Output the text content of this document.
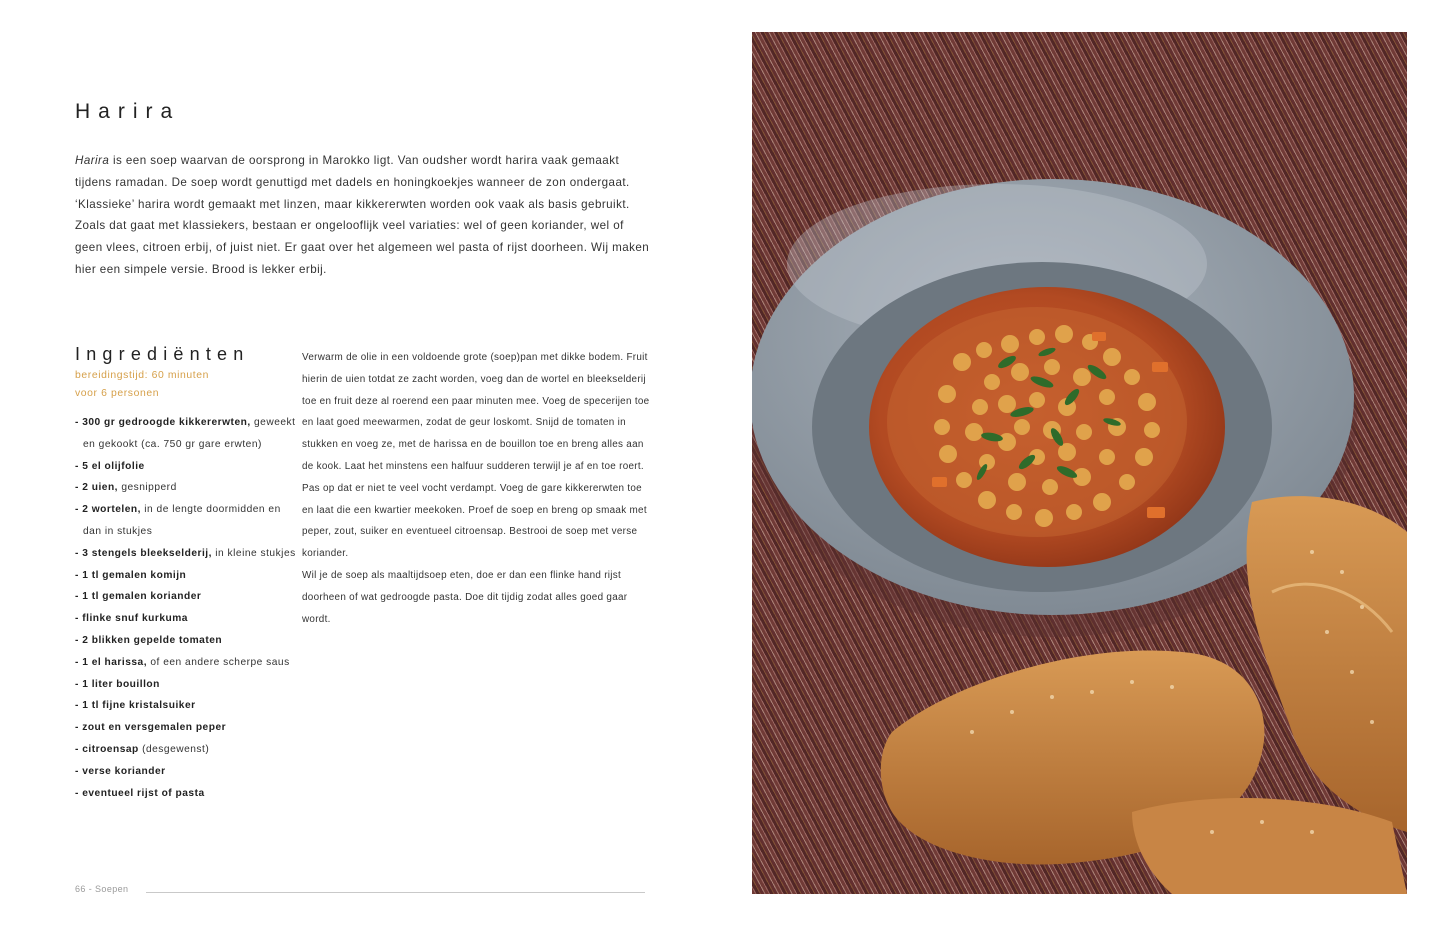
Harira

Harira is een soep waarvan de oorsprong in Marokko ligt. Van oudsher wordt harira vaak gemaakt tijdens ramadan. De soep wordt genuttigd met dadels en honingkoekjes wanneer de zon ondergaat. ‘Klassieke’ harira wordt gemaakt met linzen, maar kikkererwten worden ook vaak als basis gebruikt. Zoals dat gaat met klassiekers, bestaan er ongelooflijk veel variaties: wel of geen koriander, wel of geen vlees, citroen erbij, of juist niet. Er gaat over het algemeen wel pasta of rijst doorheen. Wij maken hier een simpele versie. Brood is lekker erbij.

Ingrediënten
bereidingstijd: 60 minuten
voor 6 personen
- 300 gr gedroogde kikkererwten, geweekt en gekookt (ca. 750 gr gare erwten)
- 5 el olijfolie
- 2 uien, gesnipperd
- 2 wortelen, in de lengte doormidden en dan in stukjes
- 3 stengels bleekselderij, in kleine stukjes
- 1 tl gemalen komijn
- 1 tl gemalen koriander
- flinke snuf kurkuma
- 2 blikken gepelde tomaten
- 1 el harissa, of een andere scherpe saus
- 1 liter bouillon
- 1 tl fijne kristalsuiker
- zout en versgemalen peper
- citroensap (desgewenst)
- verse koriander
- eventueel rijst of pasta

Verwarm de olie in een voldoende grote (soep)pan met dikke bodem. Fruit hierin de uien totdat ze zacht worden, voeg dan de wortel en bleekselderij toe en fruit deze al roerend een paar minuten mee. Voeg de specerijen toe en laat goed meewarmen, zodat de geur loskomt. Snijd de tomaten in stukken en voeg ze, met de harissa en de bouillon toe en breng alles aan de kook. Laat het minstens een halfuur sudderen terwijl je af en toe roert. Pas op dat er niet te veel vocht verdampt. Voeg de gare kikkererwten toe en laat die een kwartier meekoken. Proef de soep en breng op smaak met peper, zout, suiker en eventueel citroensap. Bestrooi de soep met verse koriander.

Wil je de soep als maaltijdsoep eten, doe er dan een flinke hand rijst doorheen of wat gedroogde pasta. Doe dit tijdig zodat alles goed gaar wordt.

66 - Soepen
